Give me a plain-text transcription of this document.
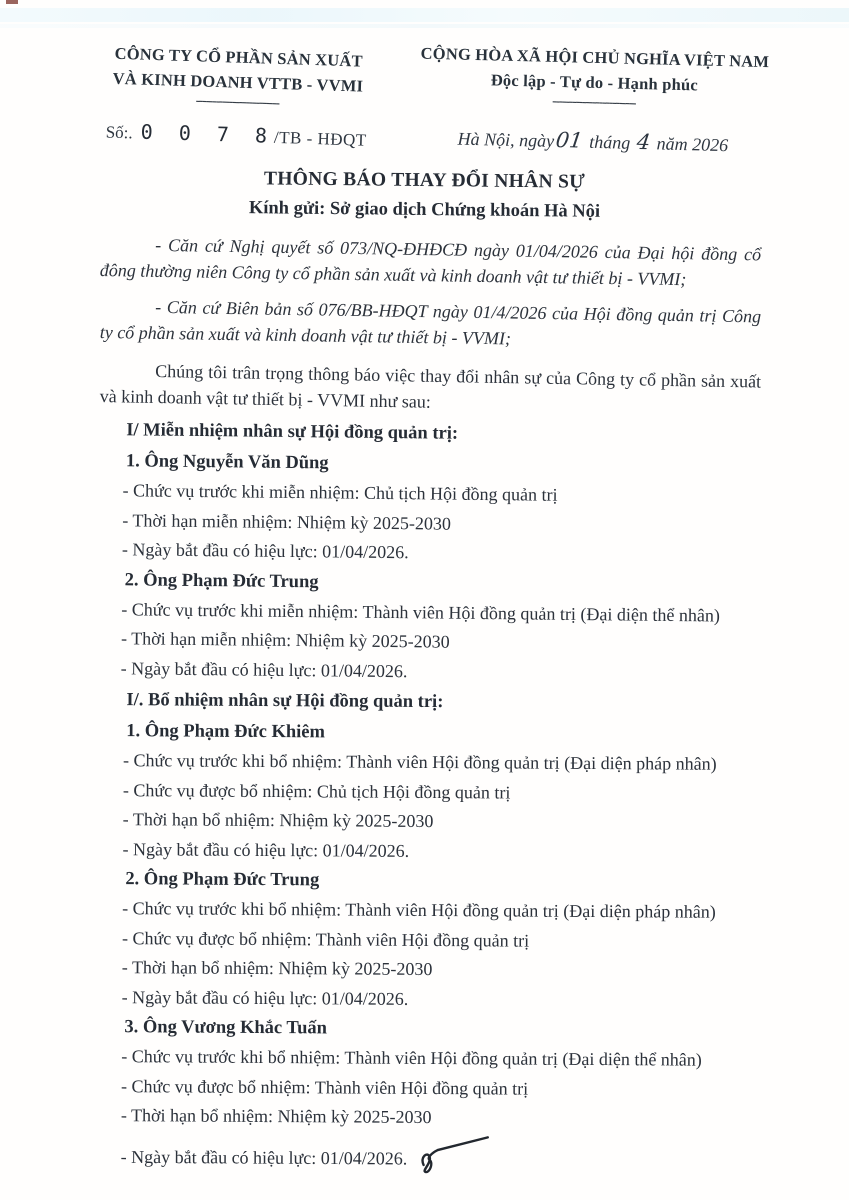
CÔNG TY CỔ PHẦN SẢN XUẤT
VÀ KINH DOANH VTTB - VVMI
-------------------------
Số:. 0 0 7 8/TB - HĐQT
CỘNG HÒA XÃ HỘI CHỦ NGHĨA VIỆT NAM
Độc lập - Tự do - Hạnh phúc
-------------------------
Hà Nội, ngày01 tháng 4 năm 2026
THÔNG BÁO THAY ĐỔI NHÂN SỰ
Kính gửi: Sở giao dịch Chứng khoán Hà Nội

- Căn cứ Nghị quyết số 073/NQ-ĐHĐCĐ ngày 01/04/2026 của Đại hội đồng cổ đông thường niên Công ty cổ phần sản xuất và kinh doanh vật tư thiết bị - VVMI;

- Căn cứ Biên bản số 076/BB-HĐQT ngày 01/4/2026 của Hội đồng quản trị Công ty cổ phần sản xuất và kinh doanh vật tư thiết bị - VVMI;

Chúng tôi trân trọng thông báo việc thay đổi nhân sự của Công ty cổ phần sản xuất và kinh doanh vật tư thiết bị - VVMI như sau:

I/ Miễn nhiệm nhân sự Hội đồng quản trị:
1. Ông Nguyễn Văn Dũng
- Chức vụ trước khi miễn nhiệm: Chủ tịch Hội đồng quản trị
- Thời hạn miễn nhiệm: Nhiệm kỳ 2025-2030
- Ngày bắt đầu có hiệu lực: 01/04/2026.
2. Ông Phạm Đức Trung
- Chức vụ trước khi miễn nhiệm: Thành viên Hội đồng quản trị (Đại diện thể nhân)
- Thời hạn miễn nhiệm: Nhiệm kỳ 2025-2030
- Ngày bắt đầu có hiệu lực: 01/04/2026.
I/. Bổ nhiệm nhân sự Hội đồng quản trị:
1. Ông Phạm Đức Khiêm
- Chức vụ trước khi bổ nhiệm: Thành viên Hội đồng quản trị (Đại diện pháp nhân)
- Chức vụ được bổ nhiệm: Chủ tịch Hội đồng quản trị
- Thời hạn bổ nhiệm: Nhiệm kỳ 2025-2030
- Ngày bắt đầu có hiệu lực: 01/04/2026.
2. Ông Phạm Đức Trung
- Chức vụ trước khi bổ nhiệm: Thành viên Hội đồng quản trị (Đại diện pháp nhân)
- Chức vụ được bổ nhiệm: Thành viên Hội đồng quản trị
- Thời hạn bổ nhiệm: Nhiệm kỳ 2025-2030
- Ngày bắt đầu có hiệu lực: 01/04/2026.
3. Ông Vương Khắc Tuấn
- Chức vụ trước khi bổ nhiệm: Thành viên Hội đồng quản trị (Đại diện thể nhân)
- Chức vụ được bổ nhiệm: Thành viên Hội đồng quản trị
- Thời hạn bổ nhiệm: Nhiệm kỳ 2025-2030
- Ngày bắt đầu có hiệu lực: 01/04/2026.
